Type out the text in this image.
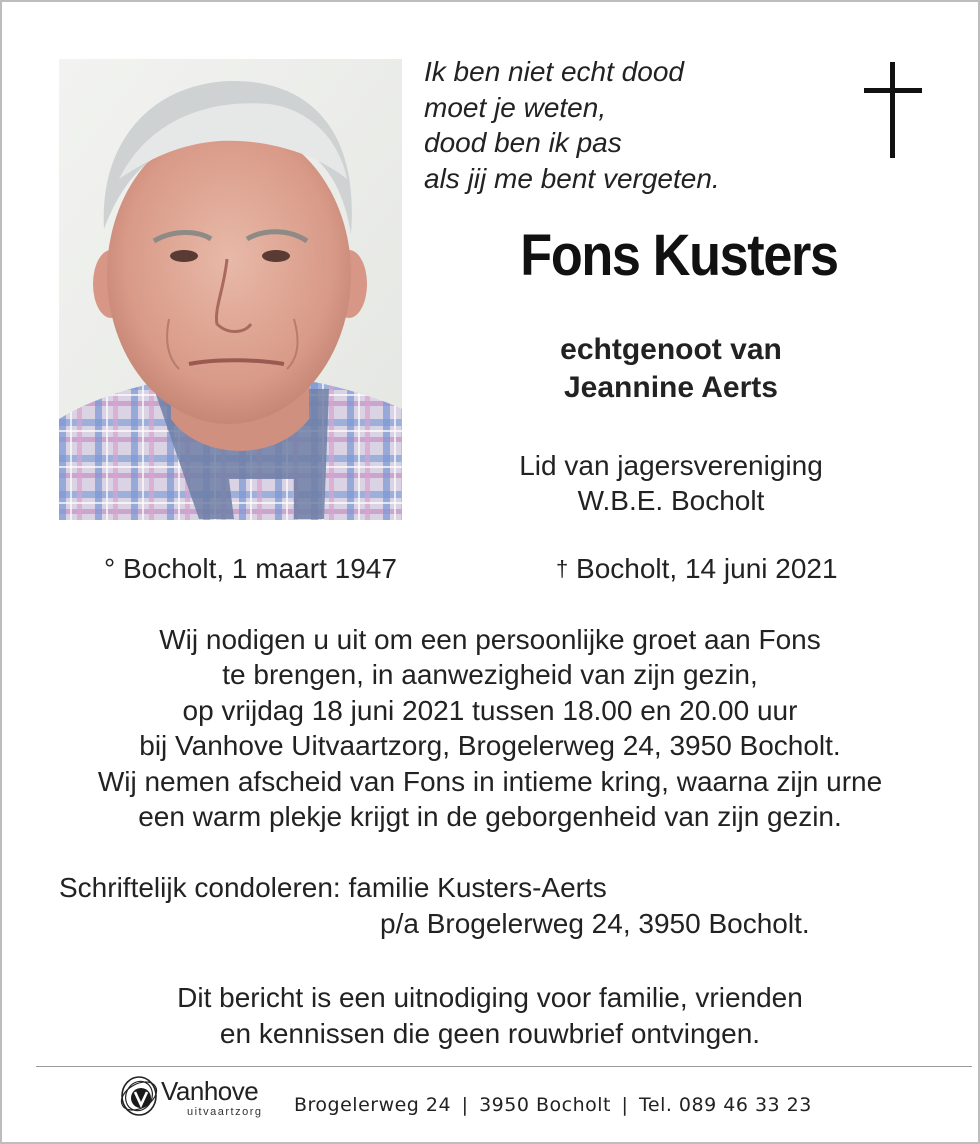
Ik ben niet echt dood
moet je weten,
dood ben ik pas
als jij me bent vergeten.
Fons Kusters
echtgenoot van
Jeannine Aerts
Lid van jagersvereniging
W.B.E. Bocholt
° Bocholt, 1 maart 1947	† Bocholt, 14 juni 2021
Wij nodigen u uit om een persoonlijke groet aan Fons
te brengen, in aanwezigheid van zijn gezin,
op vrijdag 18 juni 2021 tussen 18.00 en 20.00 uur
bij Vanhove Uitvaartzorg, Brogelerweg 24, 3950 Bocholt.
Wij nemen afscheid van Fons in intieme kring, waarna zijn urne
een warm plekje krijgt in de geborgenheid van zijn gezin.
Schriftelijk condoleren: familie Kusters-Aerts
p/a Brogelerweg 24, 3950 Bocholt.
Dit bericht is een uitnodiging voor familie, vrienden
en kennissen die geen rouwbrief ontvingen.
Vanhove
uitvaartzorg Brogelerweg 24 | 3950 Bocholt | Tel. 089 46 33 23
